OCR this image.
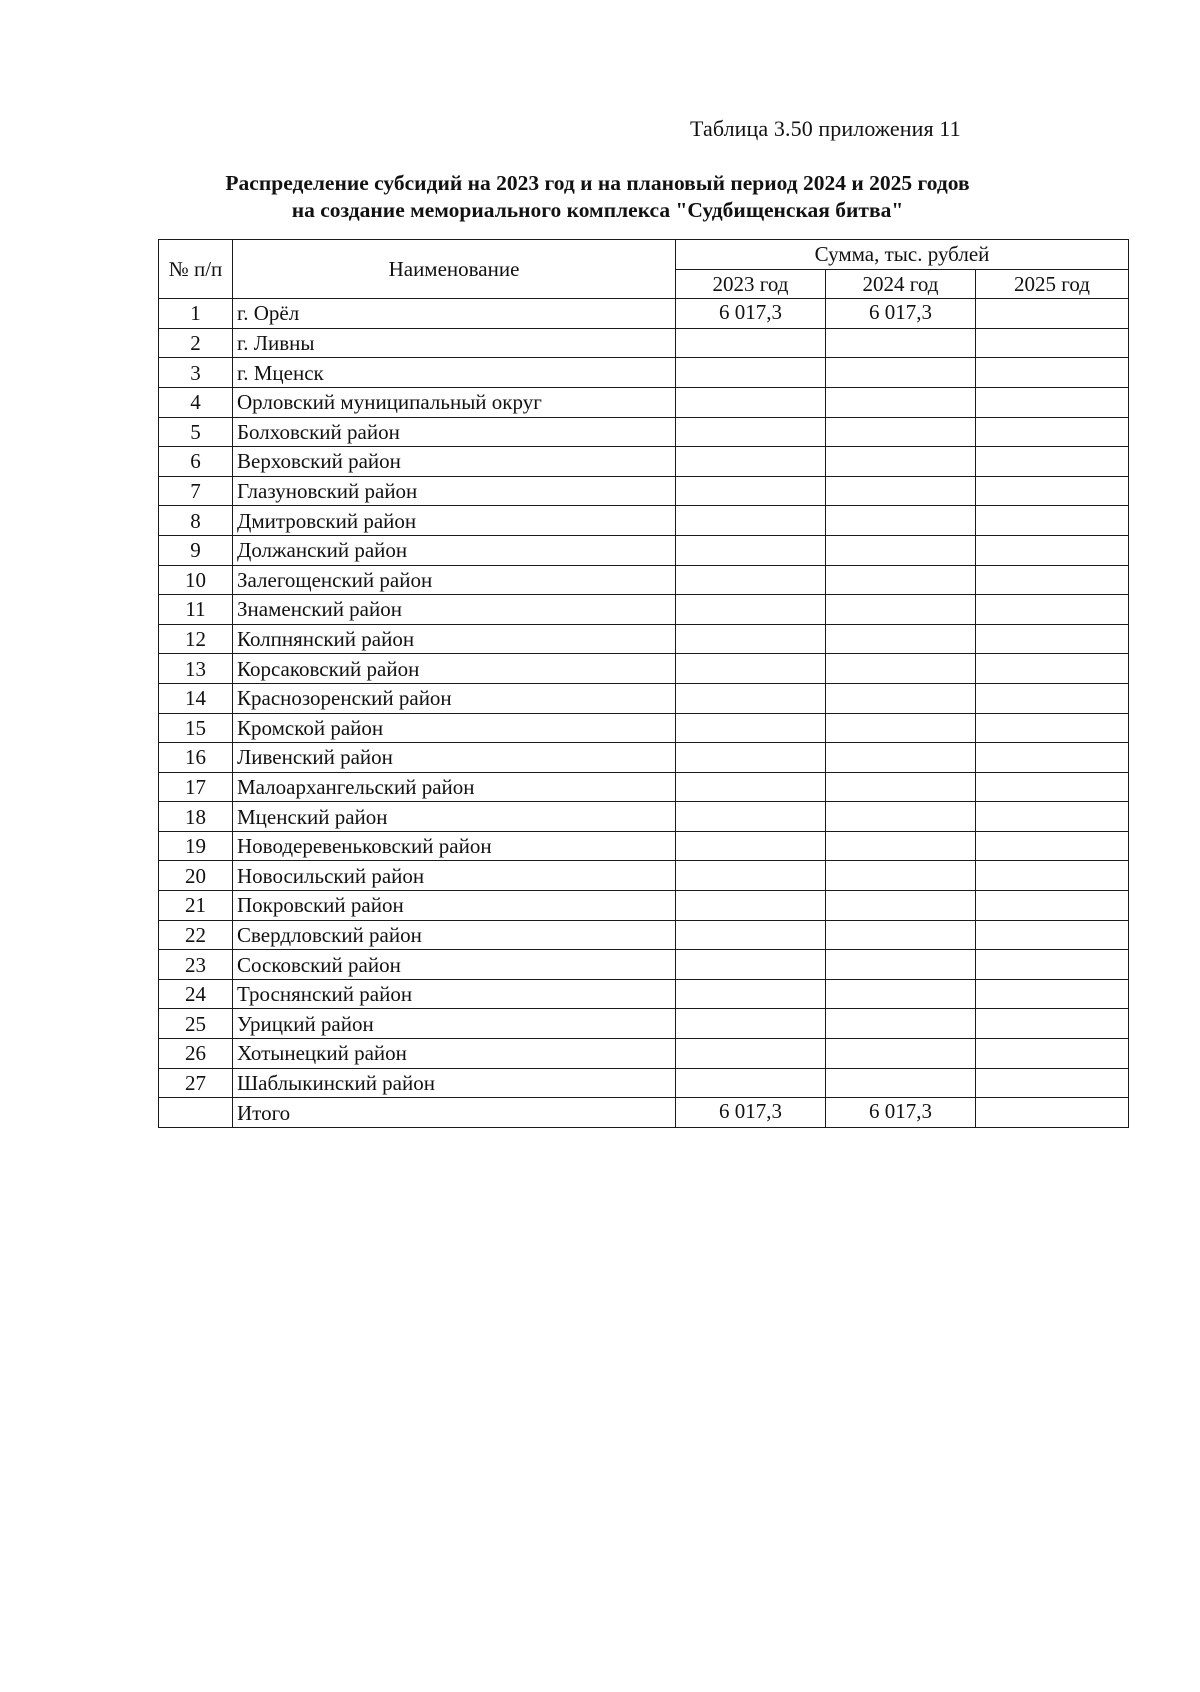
Таблица 3.50 приложения 11
Распределение субсидий на 2023 год и на плановый период 2024 и 2025 годов
на создание мемориального комплекса "Судбищенская битва"
№ п/п	Наименование	Сумма, тыс. рублей		
		2023 год	2024 год	2025 год
1	г. Орёл	6 017,3	6 017,3	
2	г. Ливны			
3	г. Мценск			
4	Орловский муниципальный округ			
5	Болховский район			
6	Верховский район			
7	Глазуновский район			
8	Дмитровский район			
9	Должанский район			
10	Залегощенский район			
11	Знаменский район			
12	Колпнянский район			
13	Корсаковский район			
14	Краснозоренский район			
15	Кромской район			
16	Ливенский район			
17	Малоархангельский район			
18	Мценский район			
19	Новодеревеньковский район			
20	Новосильский район			
21	Покровский район			
22	Свердловский район			
23	Сосковский район			
24	Троснянский район			
25	Урицкий район			
26	Хотынецкий район			
27	Шаблыкинский район			
	Итого	6 017,3	6 017,3	
